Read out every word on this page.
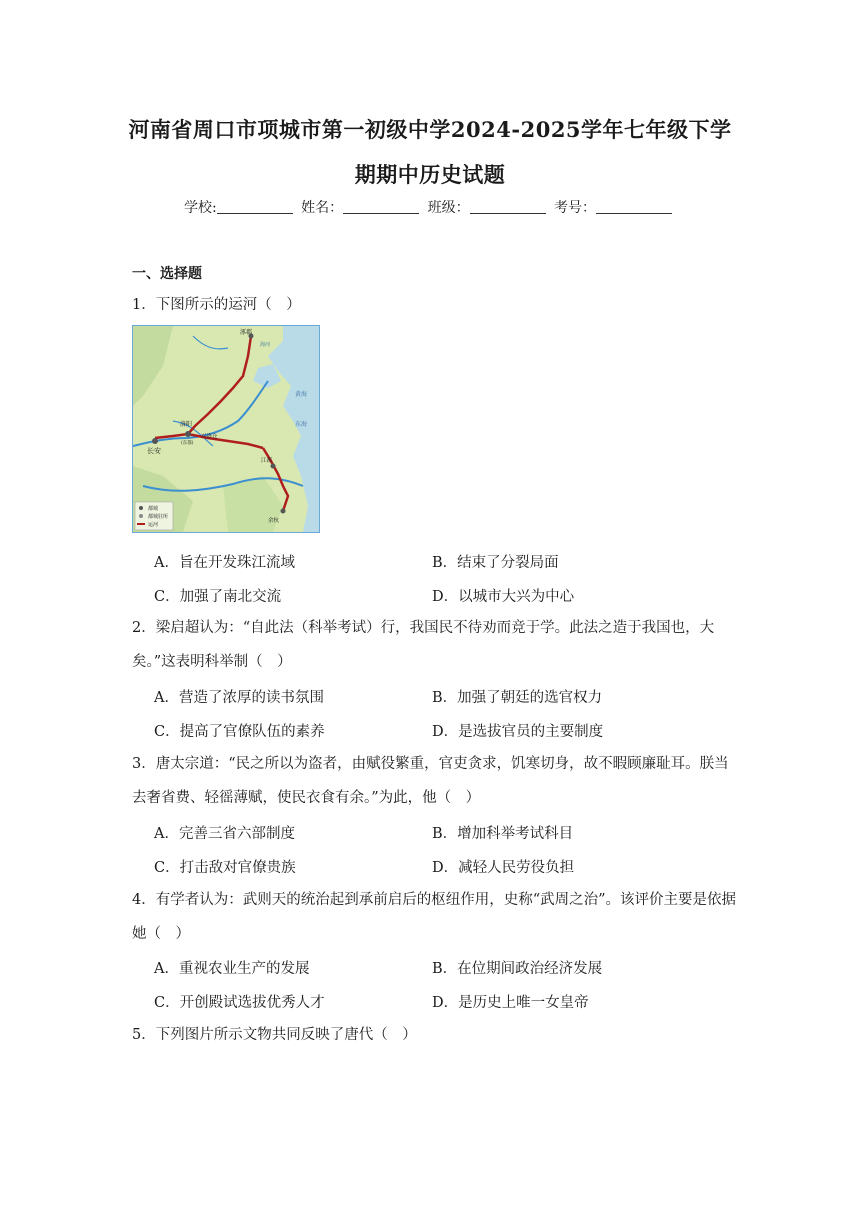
河南省周口市项城市第一初级中学2024-2025学年七年级下学
期期中历史试题
学校:	姓名：	班级：	考号：
一、选择题
1．下图所示的运河（　）
涿郡
海河
长安
洛阳
(东都)
兴洛仓
江都
余杭
黄海
东海
都城
都城驻所
运河
A．旨在开发珠江流域	B．结束了分裂局面
C．加强了南北交流	D．以城市大兴为中心
2．梁启超认为：“自此法（科举考试）行，我国民不待劝而竞于学。此法之造于我国也，大矣。”这表明科举制（　）
A．营造了浓厚的读书氛围	B．加强了朝廷的选官权力
C．提高了官僚队伍的素养	D．是选拔官员的主要制度
3．唐太宗道：“民之所以为盗者，由赋役繁重，官吏贪求，饥寒切身，故不暇顾廉耻耳。朕当去奢省费、轻徭薄赋，使民衣食有余。”为此，他（　）
A．完善三省六部制度	B．增加科举考试科目
C．打击敌对官僚贵族	D．减轻人民劳役负担
4．有学者认为：武则天的统治起到承前启后的枢纽作用，史称“武周之治”。该评价主要是依据她（　）
A．重视农业生产的发展	B．在位期间政治经济发展
C．开创殿试选拔优秀人才	D．是历史上唯一女皇帝
5．下列图片所示文物共同反映了唐代（　）
